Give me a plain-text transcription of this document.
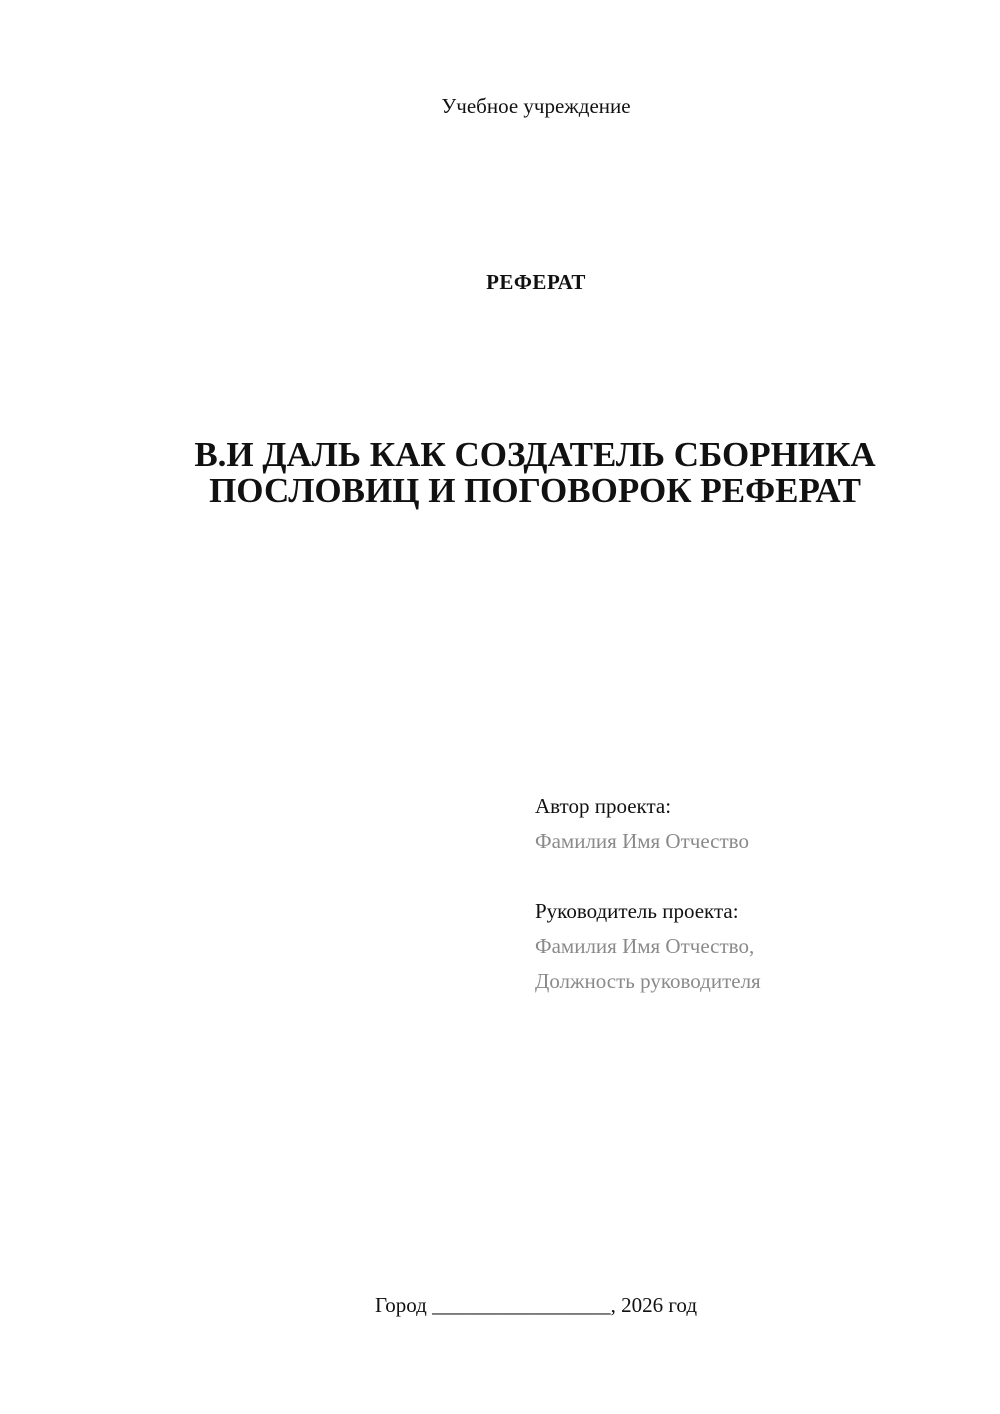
Учебное учреждение
РЕФЕРАТ
В.И ДАЛЬ КАК СОЗДАТЕЛЬ СБОРНИКА
ПОСЛОВИЦ И ПОГОВОРОК РЕФЕРАТ
Автор проекта:
Фамилия Имя Отчество
Руководитель проекта:
Фамилия Имя Отчество,
Должность руководителя
Город _________________, 2026 год
